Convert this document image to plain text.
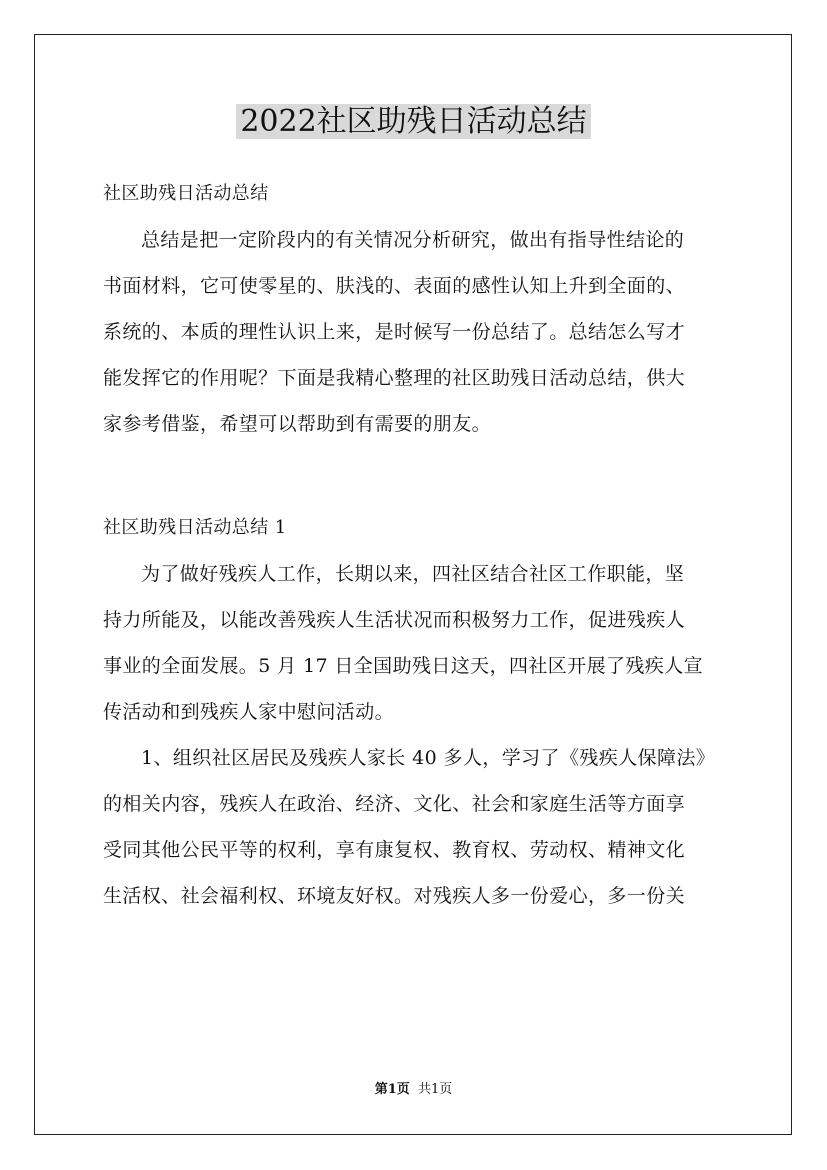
2022社区助残日活动总结
社区助残日活动总结
总结是把一定阶段内的有关情况分析研究，做出有指导性结论的
书面材料，它可使零星的、肤浅的、表面的感性认知上升到全面的、
系统的、本质的理性认识上来，是时候写一份总结了。总结怎么写才
能发挥它的作用呢？下面是我精心整理的社区助残日活动总结，供大
家参考借鉴，希望可以帮助到有需要的朋友。
社区助残日活动总结 1
为了做好残疾人工作，长期以来，四社区结合社区工作职能，坚
持力所能及，以能改善残疾人生活状况而积极努力工作，促进残疾人
事业的全面发展。5 月 17 日全国助残日这天，四社区开展了残疾人宣
传活动和到残疾人家中慰问活动。
1、组织社区居民及残疾人家长 40 多人，学习了《残疾人保障法》
的相关内容，残疾人在政治、经济、文化、社会和家庭生活等方面享
受同其他公民平等的权利，享有康复权、教育权、劳动权、精神文化
生活权、社会福利权、环境友好权。对残疾人多一份爱心，多一份关
第1页 共1页
